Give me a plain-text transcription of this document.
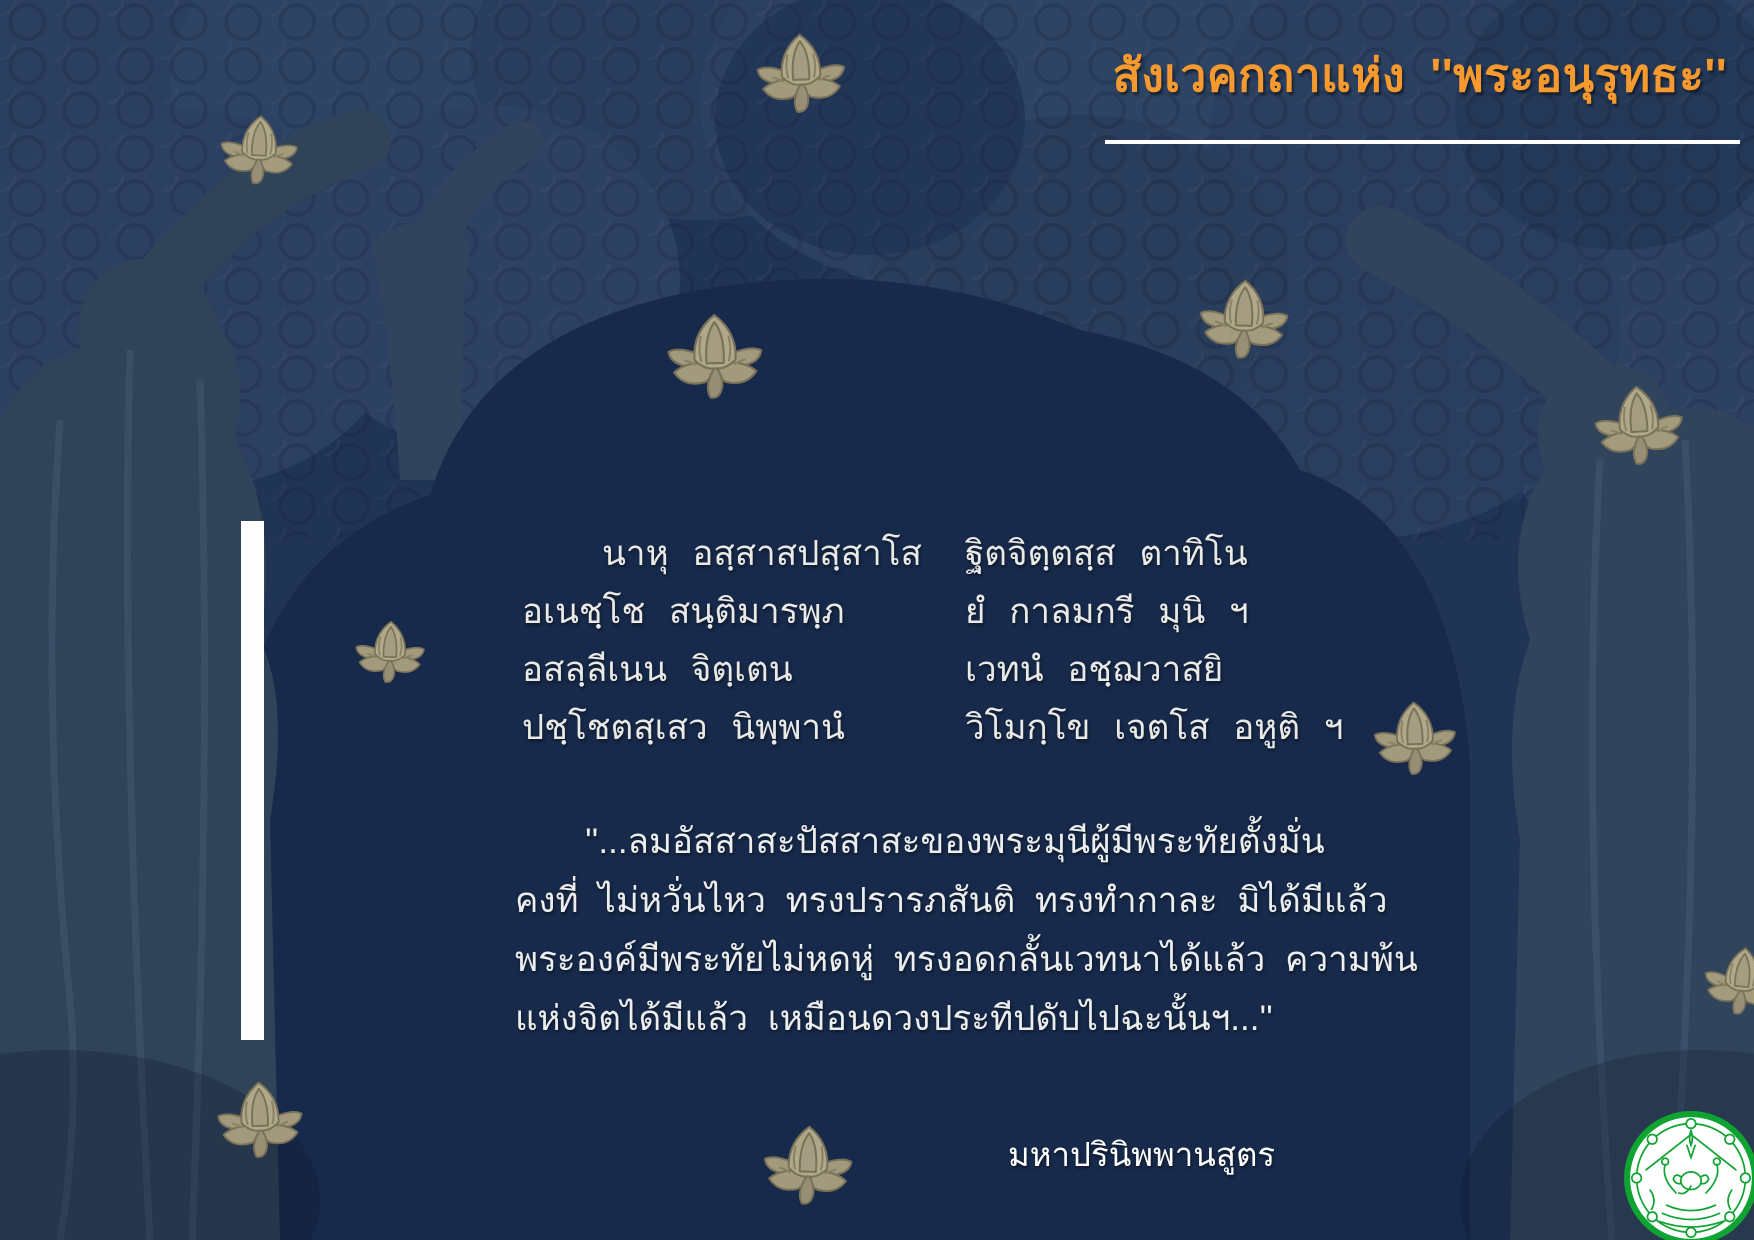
สังเวคกถาแห่ง ''พระอนุรุทธะ''
นาหุ อสฺสาสปสฺสาโส
อเนชฺโช สนฺติมารพฺภ
อสลฺลีเนน จิตฺเตน
ปชฺโชตสฺเสว นิพฺพานํ
ฐิตจิตฺตสฺส ตาทิโน
ยํ กาลมกรี มุนิ ฯ
เวทนํ อชฺฌวาสยิ
วิโมกฺโข เจตโส อหูติ ฯ
''...ลมอัสสาสะปัสสาสะของพระมุนีผู้มีพระทัยตั้งมั่น
คงที่ ไม่หวั่นไหว ทรงปรารภสันติ ทรงทำกาละ มิได้มีแล้ว
พระองค์มีพระทัยไม่หดหู่ ทรงอดกลั้นเวทนาได้แล้ว ความพ้น
แห่งจิตได้มีแล้ว เหมือนดวงประทีปดับไปฉะนั้นฯ...''
มหาปรินิพพานสูตร
